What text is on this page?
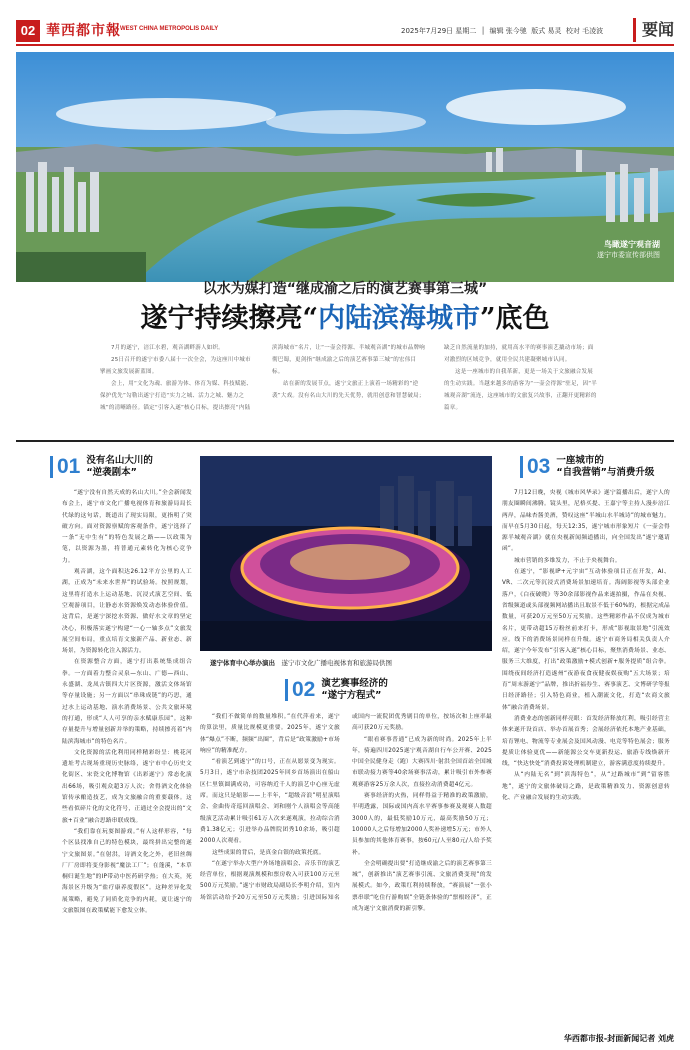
02 華西都市報 WEST CHINA METROPOLIS DAILY	2025年7月29日 星期二  │  编辑 张今驰 版式 易灵 校对 毛凌波	要闻
鸟瞰遂宁观音湖
遂宁市委宣传部供图
以水为媒打造“继成渝之后的演艺赛事第三城”
遂宁持续擦亮“内陆滨海城市”底色

7月的遂宁，涪江水碧，观音湖畔游人如织。

25日召开的遂宁市委八届十一次全会，为这座川中城市擘画文旅发展新蓝图。

会上，用“文化为魂、旅游为体、体育为媒、科技赋能、保护优先”勾勒出遂宁打造“实力之城、活力之城、魅力之城”的清晰路径。锚定“引客入遂”核心目标，提出擦亮“内陆滨海城市”名片，让“一壶会得源、半城观音湖”的城市品牌响彻巴蜀，更剑指“继成渝之后的演艺赛事第三城”的宏伟目标。

站在新的发展节点，遂宁文旅正上演着一场精彩的“逆袭”大戏。没有名山大川的先天优势，就用创意和智慧破局；缺乏自然流量的加持，就用高水平的赛事演艺撬动市场；面对激烈的区域竞争，就用全民共建凝聚城市认同。

这是一座城市的自我革新，更是一场关于文旅融合发展的生动实践。当越来越多的游客为“一壶会得源”驻足，因“半城观音湖”流连，这座城市的文旅复兴故事，正翻开更精彩的篇章。

01 没有名山大川的
“逆袭剧本”

“遂宁没有自然天成的名山大川。”全会新闻发布会上，遂宁市文化广播电视体育和旅游局局长代绿的这句话，既道出了现实局限，更指明了突破方向。面对资源禀赋的客观条件，遂宁选择了一条“无中生有”的特色发展之路——以政策为笔，以资源为墨，将普通元素转化为核心竞争力。

观音湖，这个面积达26.12平方公里的人工湖，正成为“未来水世界”的试验场。按照规划，这里将打造水上运动基地、沉浸式演艺空间、低空观游项目，让静态水资源焕发动态体验价值。这背后，是遂宁深挖水资源、做好水文章的坚定决心，积极落实遂宁构建“一心一轴多点”文旅发展空间布局，重点培育文旅新产品、新业态、新场景，为资源转化注入源活力。

在资源整合方面，遂宁打出系统集成组合拳。一方面着力整合灵泉—东山、广德—西山、永盛湖、龙凤古镇四大片区资源，激活文体场馆等存量设施；另一方面以“串珠成链”的巧思，通过水上运动基地、演水消费场景、公共文旅环境的打通，形成“人人可享的亲水赋康乐园”。这种存量提升与增量创新并举的策略，持续擦亮着“内陆滨海城市”的特色名片。

文化资源的活化利用同样精彩纷呈：桃花河遗址考古现场重现历史脉络，遂宁市中心历史文化街区、宋瓷文化博物馆《出彩遂宁》常态化演出66场，吸引观众超3万人次；舍得酒文化体验馆传承酿造技艺，成为文旅融合的重要载体。这些看似碎片化的文化符号，正通过全会提出的“文旅+百业”融合思路串联成线。

“我们靠在玩耍图游戏。”有人这样形容，“每个区县找准自己的特色模块，最终拼出完整的遂宁文旅图景。”在射洪，诗酒文化之外，老旧丝绸厂厂房即将变身影视“魔法工厂”；在蓬溪，“本草桐归诞生地”的IP带动中医药研学热；在大英，死海景区升级为“盐疗康养度假区”。这种差异化发展策略，避免了同质化竞争的内耗，更让遂宁的文旅版图在政策赋能下愈发立体。

遂宁体育中心举办演出　 遂宁市文化广播电视体育和旅游局供图
02 演艺赛事经济的
“遂宁方程式”

“我们不做简单的数量堆积。”在代萍看来，遂宁的算法里，质量比规模更重要。2025年，遂宁文旅体“爆点”不断，频频“出圈”，背后是“政策激励+市场响应”的精准配方。

“看演艺到遂宁”的口号，正在从愿景变为现实。5月3日，遂宁市杂技团2025年回乡首场演出在船山区仁里镇圆满成功，可容纳近千人的演艺中心座无虚席。而这只是缩影——上半年，“超级音浪”明星演唱会、金曲传奇巡回演唱会、刘和刚个人演唱会等高能级演艺活动累计吸引61万人次来遂观演，拉动综合消费1.38亿元；引进举办品牌院团秀10余场，吸引超2000人次观看。

这些成果的背后，是真金白银的政策托底。

“在遂宁举办大型户外场地演唱会、音乐节的演艺经营单位，根据观演规模和票房收入可获100万元至500万元奖励。”遂宁市财政局副局长李明介绍，室内场馆活动给予20万元至50万元奖励；引进国际知名或国内一流院团优秀剧目的单位，按场次和上座率最高可获20万元奖励。

“眼看赛事普通”已成为新的时尚。2025年上半年，骑遍四川2025遂宁观音湖自行车公开赛、2025中国全民健身走（跑）大赛四川·射洪全国首站全国城市联动接力赛等40余场赛事活动，累计吸引市外参赛观赛游客25万余人次，直接拉动消费超4亿元。

赛事经济的火热，同样得益于精准的政策激励，半明透露，国际或国内高水平赛事参赛及观赛人数超3000人的，最低奖励10万元，最高奖励50万元；10000人之后每增加2000人奖补递增5万元；市外人员参加的其他体育赛事，按60元/人至80元/人给予奖补。

全会明确提出要“打造继成渝之后的演艺赛事第三城”，创新推出“演艺赛事引流、文旅消费变现”的发展模式。如今，政策红利持续释放，“赛演展”一张小票串联“吃住行游购娱”全链条体验的“票根经济”，正成为遂宁文旅消费的新引擎。

03 一座城市的
“自我营销”与消费升级

7月12日晚，央视《城市风华录》遂宁篇播出后，遂宁人的朋友圈瞬间沸腾。镜头里，尼格买提、王嘉宁等主持人漫步涪江两岸，品味杏酱美酒，赞叹这座“半城山水半城诗”的城市魅力。而早在5月30日起，每天12:35，遂宁城市形象短片《一壶会得源半城观音湖》就在央视新闻频道播出，向全国发出“遂宁邀请函”。

城市营销的多维发力，不止于央视舞台。

在遂宁，“影视IP+元宇宙”互动体验项目正在开发，AI、VR、二次元等沉浸式消费场景加速培育。海阔影视等头部企业落户，《白夜破晓》等30余部影视作品来遂拍摄，作品在央视、省级频道或头部视频网站播出且取景不低于60%的，根据完成品数量，可获20万元至50万元奖励。这些精彩作品不仅成为城市名片，更带动超15万粉丝前来打卡，形成“影视取景地”引流效应。线下的消费场景同样在升级。遂宁市商务局相关负责人介绍，遂宁今年发布“引客入遂”核心目标，聚焦消费场景、业态、服务三大维度，打出“政策激励+模式创新+服务提质”组合拳。围绕夜间经济打造遂州“夜游夜食夜健夜娱夜购”五大场景；培育“周末游遂宁”品牌，推出折福券生、赛事演艺、文博研学等报日经济路径；引入特色商业，植入潮流文化，打造“农商文旅体”融合消费场景。

消费业态的创新同样亮眼：首发经济释放红利，吸引经营主体来遂开设首店、举办首展首秀；会展经济依托本地产业基础，培育锂电、物流等专业展会及国风动漫、电竞等特色展会；服务提质让体验更优——新能源公交车更新投运、旅游专线焕新开线，“快达快处”消费投诉处理机制建立，游客满意度持续提升。

从“内陆无名”到“滨海特色”，从“过路城市”到“留客胜地”，遂宁的文旅体破局之路，是政策精准发力、资源创意转化、产业融合发展的生动实践。

华西都市报-封面新闻记者 刘虎
